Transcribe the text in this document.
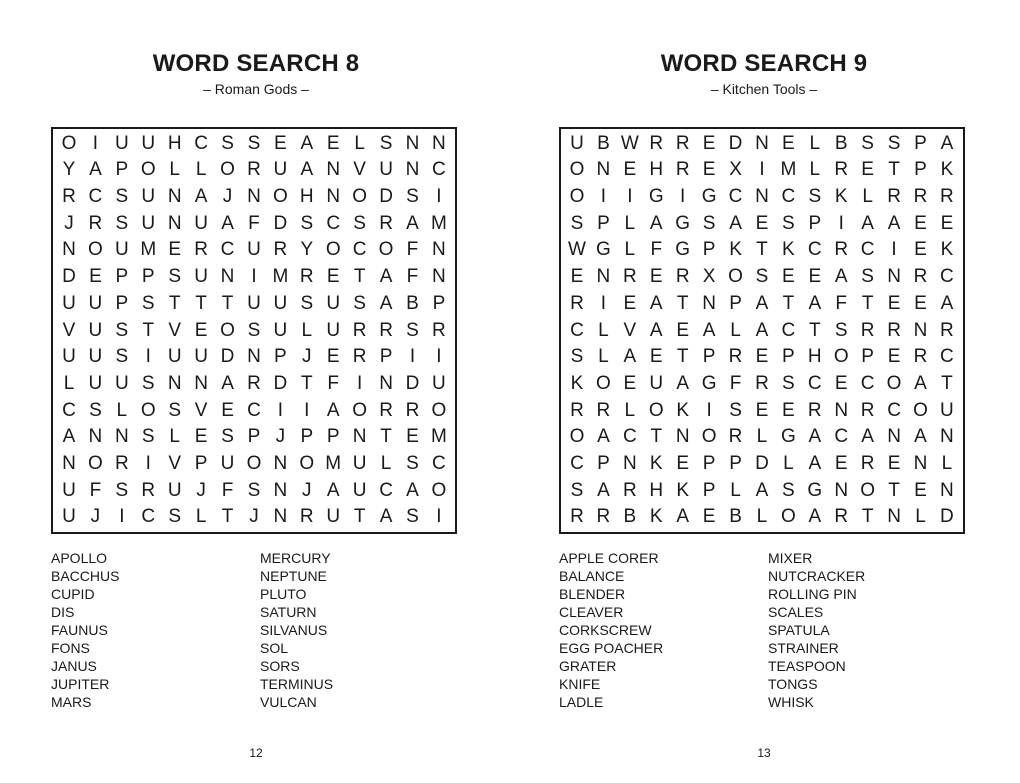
WORD SEARCH 8
– Roman Gods –
O I U U H C S S E A E L S N N
Y A P O L L O R U A N V U N C
R C S U N A J N O H N O D S I
J R S U N U A F D S C S R A M
N O U M E R C U R Y O C O F N
D E P P S U N I M R E T A F N
U U P S T T T U U S U S A B P
V U S T V E O S U L U R R S R
U U S I U U D N P J E R P I	I
L U U S N N A R D T F I N D U
C S L O S V E C I	I A O R R O
A N N S L E S P J P P N T E M
N O R I V P U O N O M U L S C
U F S R U J F S N J A U C A O
U J	I C S L T J N R U T A S I
APOLLO
BACCHUS
CUPID
DIS
FAUNUS
FONS
JANUS
JUPITER
MARS
MERCURY
NEPTUNE
PLUTO
SATURN
SILVANUS
SOL
SORS
TERMINUS
VULCAN
12
WORD SEARCH 9
– Kitchen Tools –
U B W R R E D N E L B S S P A
O N E H R E X I M L R E T P K
O I	I G I G C N C S K L R R R
S P L A G S A E S P I A A E E
W G L F G P K T K C R C I E K
E N R E R X O S E E A S N R C
R I E A T N P A T A F T E E A
C L V A E A L A C T S R R N R
S L A E T P R E P H O P E R C
K O E U A G F R S C E C O A T
R R L O K I S E E R N R C O U
O A C T N O R L G A C A N A N
C P N K E P P D L A E R E N L
S A R H K P L A S G N O T E N
R R B K A E B L O A R T N L D
APPLE CORER
BALANCE
BLENDER
CLEAVER
CORKSCREW
EGG POACHER
GRATER
KNIFE
LADLE
MIXER
NUTCRACKER
ROLLING PIN
SCALES
SPATULA
STRAINER
TEASPOON
TONGS
WHISK
13
